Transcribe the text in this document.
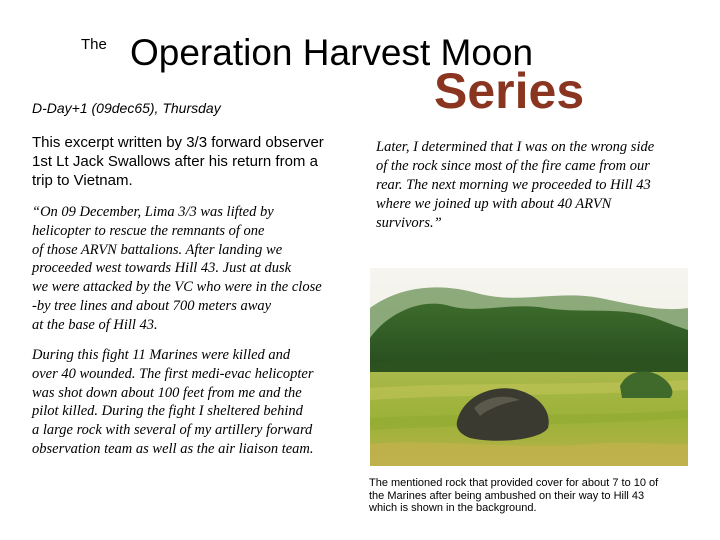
The Operation Harvest Moon
Series
D-Day+1 (09dec65), Thursday
This excerpt written by 3/3 forward observer
1st Lt Jack Swallows after his return from a
trip to Vietnam.
“On 09 December, Lima 3/3 was lifted by
helicopter to rescue the remnants of one
of those ARVN battalions. After landing we
proceeded west towards Hill 43. Just at dusk
we were attacked by the VC who were in the close
-by tree lines and about 700 meters away
at the base of Hill 43.
During this fight 11 Marines were killed and
over 40 wounded. The first medi-evac helicopter
was shot down about 100 feet from me and the
pilot killed. During the fight I sheltered behind
a large rock with several of my artillery forward
observation team as well as the air liaison team.
Later, I determined that I was on the wrong side
of the rock since most of the fire came from our
rear. The next morning we proceeded to Hill 43
where we joined up with about 40 ARVN
survivors.”
The mentioned rock that provided cover for about 7 to 10 of
the Marines after being ambushed on their way to Hill 43
which is shown in the background.
